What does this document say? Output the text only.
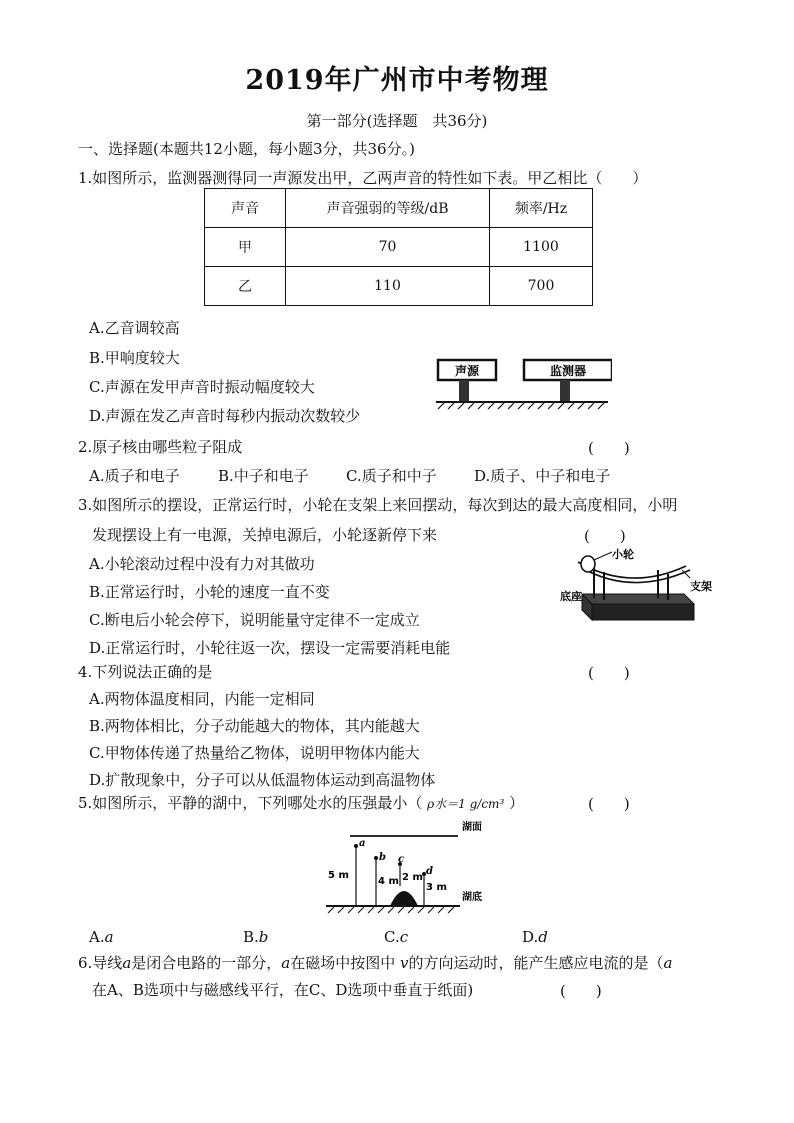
2019年广州市中考物理
第一部分(选择题　共36分)
一、选择题(本题共12小题，每小题3分，共36分。)
1.如图所示，监测器测得同一声源发出甲，乙两声音的特性如下表。甲乙相比（　　）
声音	声音强弱的等级/dB	频率/Hz
甲	70	1100
乙	110	700
A.乙音调较高
B.甲响度较大
C.声源在发甲声音时振动幅度较大
D.声源在发乙声音时每秒内振动次数较少
声源	监测器
2.原子核由哪些粒子阻成	(　　)
A.质子和电子	B.中子和电子 C.质子和中子 D.质子、中子和电子
3.如图所示的摆设，正常运行时，小轮在支架上来回摆动，每次到达的最大高度相同，小明
发现摆设上有一电源，关掉电源后，小轮逐新停下来	(　　)
A.小轮滚动过程中没有力对其做功
B.正常运行时，小轮的速度一直不变
C.断电后小轮会停下，说明能量守定律不一定成立
D.正常运行时，小轮往返一次，摆设一定需要消耗电能
小轮
支架
底座
4.下列说法正确的是	(　　)
A.两物体温度相同，内能一定相同
B.两物体相比，分子动能越大的物体，其内能越大
C.甲物体传递了热量给乙物体，说明甲物体内能大
D.扩散现象中，分子可以从低温物体运动到高温物体
5.如图所示，平静的湖中，下列哪处水的压强最小（ ρ水＝1 g/cm³ ）	(　　)
a
b c
d
5 m
4 m 2 m
3 m
湖面
湖底
A.a	B.b	C.c	D.d
6.导线a是闭合电路的一部分，a在磁场中按图中 v的方向运动时，能产生感应电流的是（a
在A、B选项中与磁感线平行，在C、D选项中垂直于纸面)	(　　)
